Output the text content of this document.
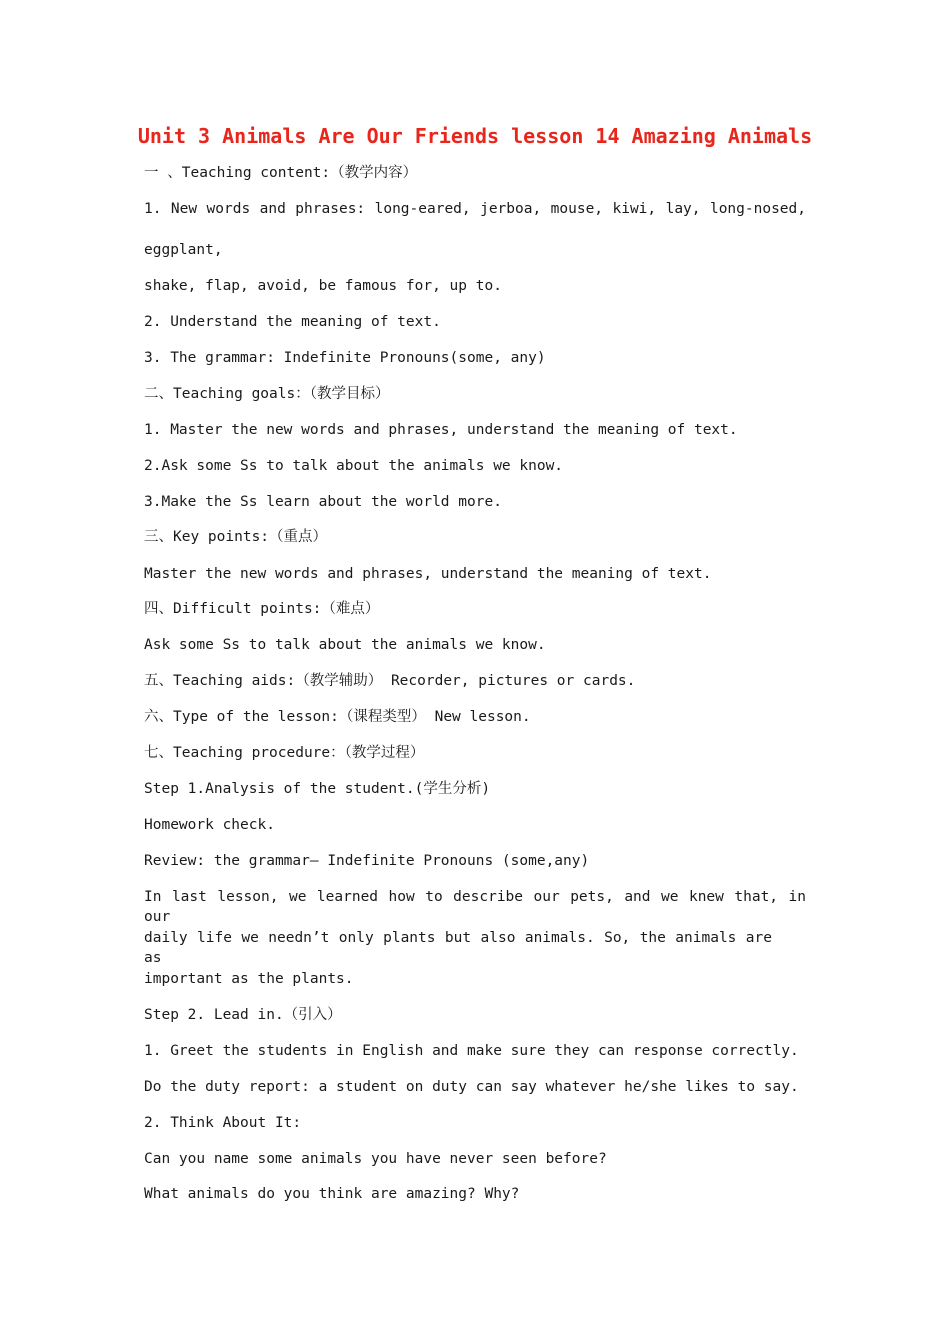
Unit 3 Animals Are Our Friends lesson 14 Amazing Animals
一 、Teaching content:（教学内容）
1. New words and phrases: long-eared, jerboa, mouse, kiwi, lay, long-nosed,
eggplant,
shake, flap, avoid, be famous for, up to.
2. Understand the meaning of text.
3. The grammar: Indefinite Pronouns(some, any)
二、Teaching goals：（教学目标）
1. Master the new words and phrases, understand the meaning of text.
2.Ask some Ss to talk about the animals we know.
3.Make the Ss learn about the world more.
三、Key points:（重点）
Master the new words and phrases, understand the meaning of text.
四、Difficult points:（难点）
Ask some Ss to talk about the animals we know.
五、Teaching aids:（教学辅助） Recorder, pictures or cards.
六、Type of the lesson:（课程类型） New lesson.
七、Teaching procedure：（教学过程）
Step 1.Analysis of the student.(学生分析)
Homework check.
Review: the grammar— Indefinite Pronouns (some,any)
In last lesson, we learned how to describe our pets, and we knew that, in our
daily life we needn’t only plants but also animals. So, the animals are as
important as the plants.
Step 2. Lead in.（引入）
1. Greet the students in English and make sure they can response correctly.
Do the duty report: a student on duty can say whatever he/she likes to say.
2. Think About It:
Can you name some animals you have never seen before?
What animals do you think are amazing? Why?
